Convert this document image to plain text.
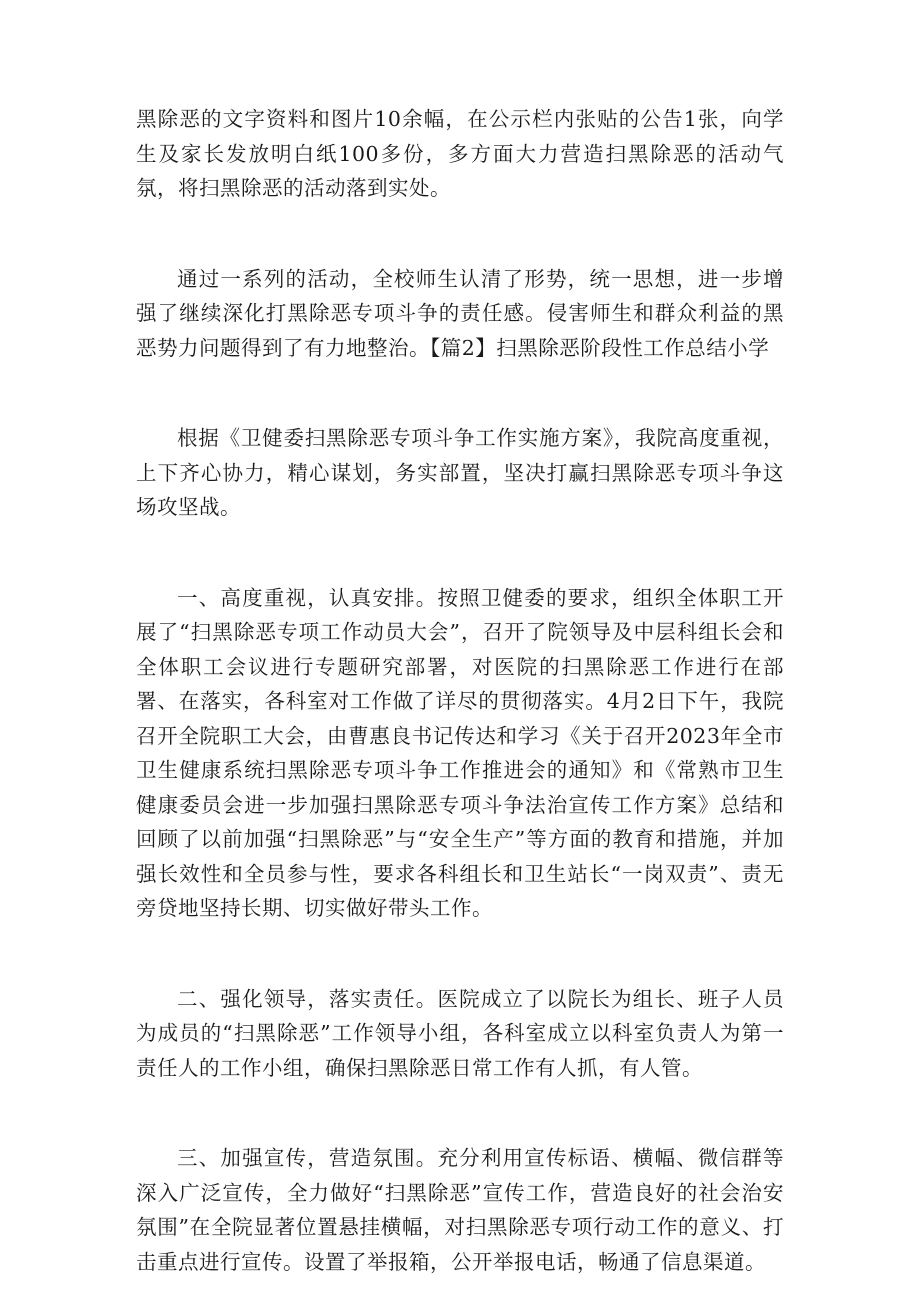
黑除恶的文字资料和图片10余幅，在公示栏内张贴的公告1张，向学生及家长发放明白纸100多份，多方面大力营造扫黑除恶的活动气氛，将扫黑除恶的活动落到实处。

通过一系列的活动，全校师生认清了形势，统一思想，进一步增强了继续深化打黑除恶专项斗争的责任感。侵害师生和群众利益的黑恶势力问题得到了有力地整治。【篇2】扫黑除恶阶段性工作总结小学

根据《卫健委扫黑除恶专项斗争工作实施方案》，我院高度重视，上下齐心协力，精心谋划，务实部置，坚决打赢扫黑除恶专项斗争这场攻坚战。

一、高度重视，认真安排。按照卫健委的要求，组织全体职工开展了“扫黑除恶专项工作动员大会”，召开了院领导及中层科组长会和全体职工会议进行专题研究部署，对医院的扫黑除恶工作进行在部署、在落实，各科室对工作做了详尽的贯彻落实。4月2日下午，我院召开全院职工大会，由曹惠良书记传达和学习《关于召开2023年全市卫生健康系统扫黑除恶专项斗争工作推进会的通知》和《常熟市卫生健康委员会进一步加强扫黑除恶专项斗争法治宣传工作方案》总结和回顾了以前加强“扫黑除恶”与“安全生产”等方面的教育和措施，并加强长效性和全员参与性，要求各科组长和卫生站长“一岗双责”、责无旁贷地坚持长期、切实做好带头工作。

二、强化领导，落实责任。医院成立了以院长为组长、班子人员为成员的“扫黑除恶”工作领导小组，各科室成立以科室负责人为第一责任人的工作小组，确保扫黑除恶日常工作有人抓，有人管。

三、加强宣传，营造氛围。充分利用宣传标语、横幅、微信群等深入广泛宣传，全力做好“扫黑除恶”宣传工作，营造良好的社会治安氛围”在全院显著位置悬挂横幅，对扫黑除恶专项行动工作的意义、打击重点进行宣传。设置了举报箱，公开举报电话，畅通了信息渠道。
